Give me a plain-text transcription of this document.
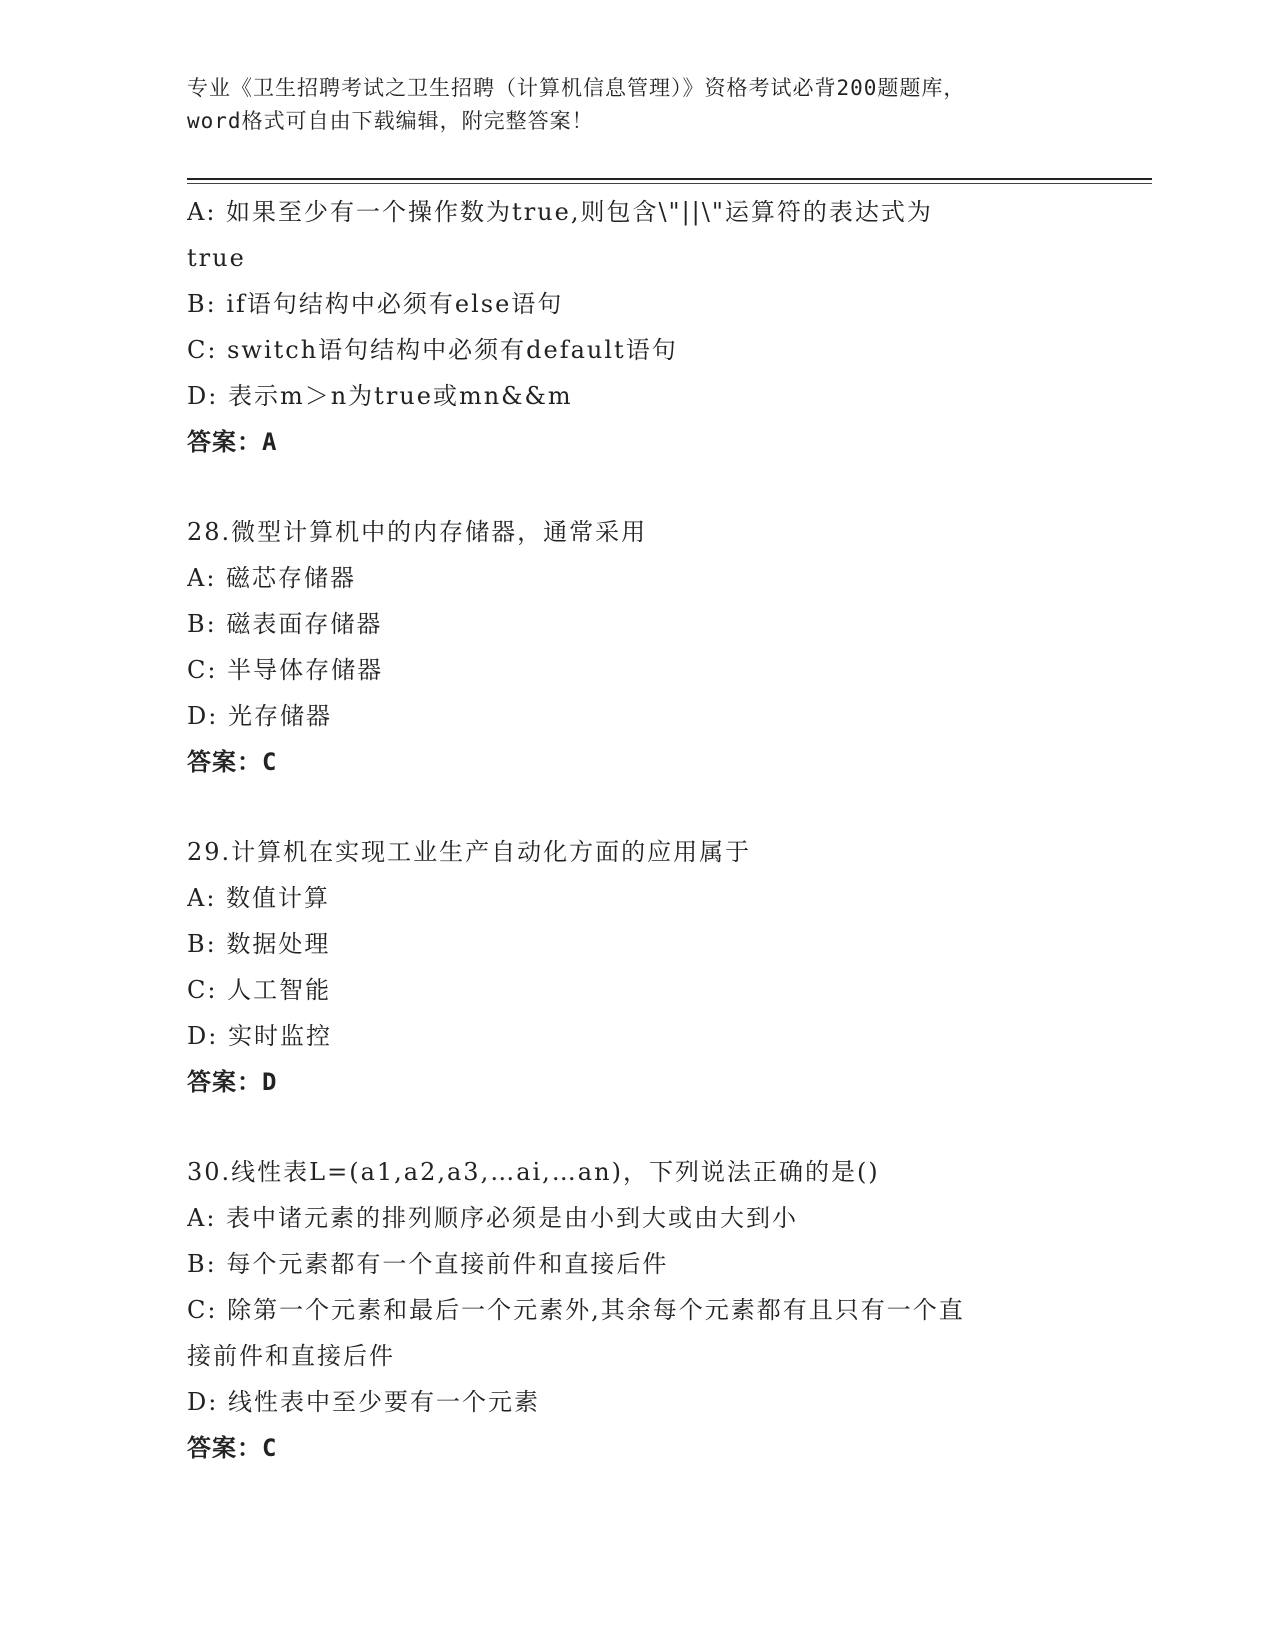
专业《卫生招聘考试之卫生招聘（计算机信息管理）》资格考试必背200题题库，
word格式可自由下载编辑，附完整答案！
A: 如果至少有一个操作数为true,则包含\"||\"运算符的表达式为
true
B: if语句结构中必须有else语句
C: switch语句结构中必须有default语句
D: 表示m＞n为true或mn&&m
答案：A
28.微型计算机中的内存储器，通常采用
A: 磁芯存储器
B: 磁表面存储器
C: 半导体存储器
D: 光存储器
答案：C
29.计算机在实现工业生产自动化方面的应用属于
A: 数值计算
B: 数据处理
C: 人工智能
D: 实时监控
答案：D
30.线性表L=(a1,a2,a3,…ai,…an)，下列说法正确的是()
A: 表中诸元素的排列顺序必须是由小到大或由大到小
B: 每个元素都有一个直接前件和直接后件
C: 除第一个元素和最后一个元素外,其余每个元素都有且只有一个直
接前件和直接后件
D: 线性表中至少要有一个元素
答案：C
